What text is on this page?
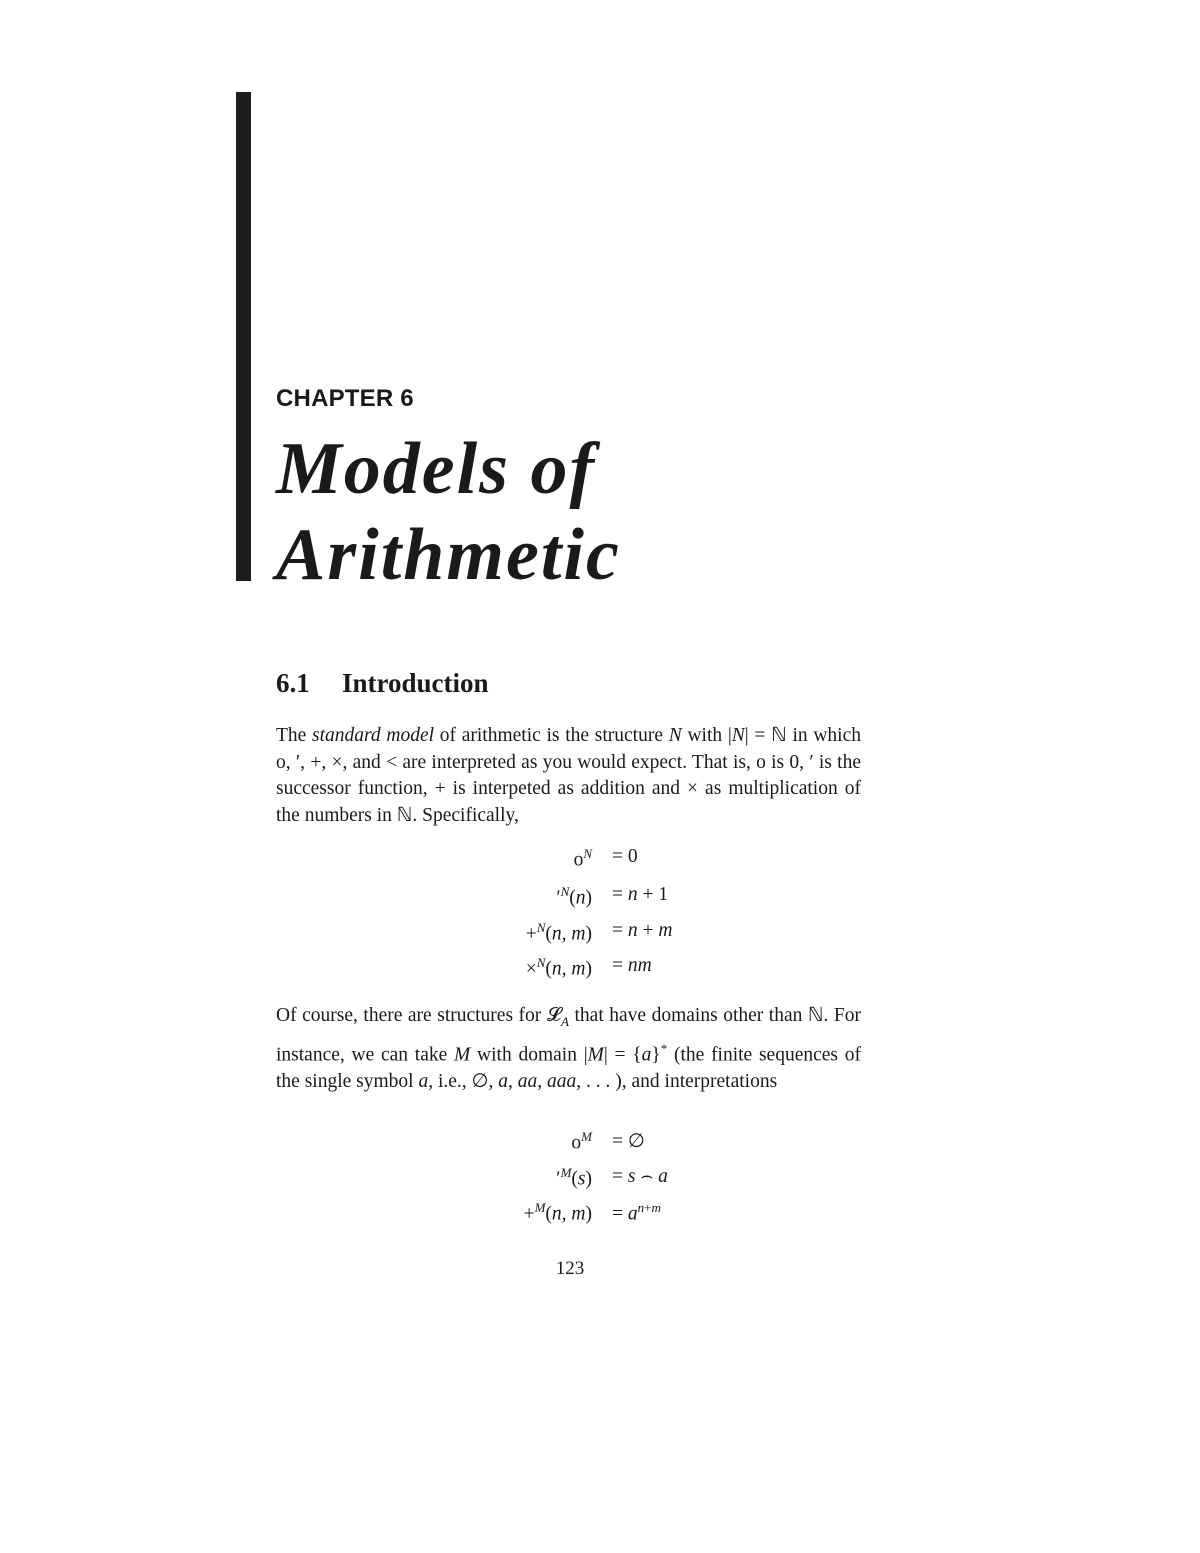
CHAPTER 6
Models of
Arithmetic
6.1 Introduction
The standard model of arithmetic is the structure N with |N| = ℕ in which o, ′, +, ×, and < are interpreted as you would expect. That is, o is 0, ′ is the successor function, + is interpeted as addition and × as multiplication of the numbers in ℕ. Specifically,
$o^N = 0$
$'^N(n) = n + 1$
+$^N$(n, m) = n + m
×$^N$(n, m) = nm
Of course, there are structures for 𝓛$_A$ that have domains other than ℕ. For instance, we can take M with domain |M| = {a}* (the finite sequences of the single symbol a, i.e., ∅, a, aa, aaa, . . . ), and interpretations
$o^M$ = ∅
$'^M(s) = s$ ⌢ a
+$^M$(n, $m) = a^{n+m}$
123
